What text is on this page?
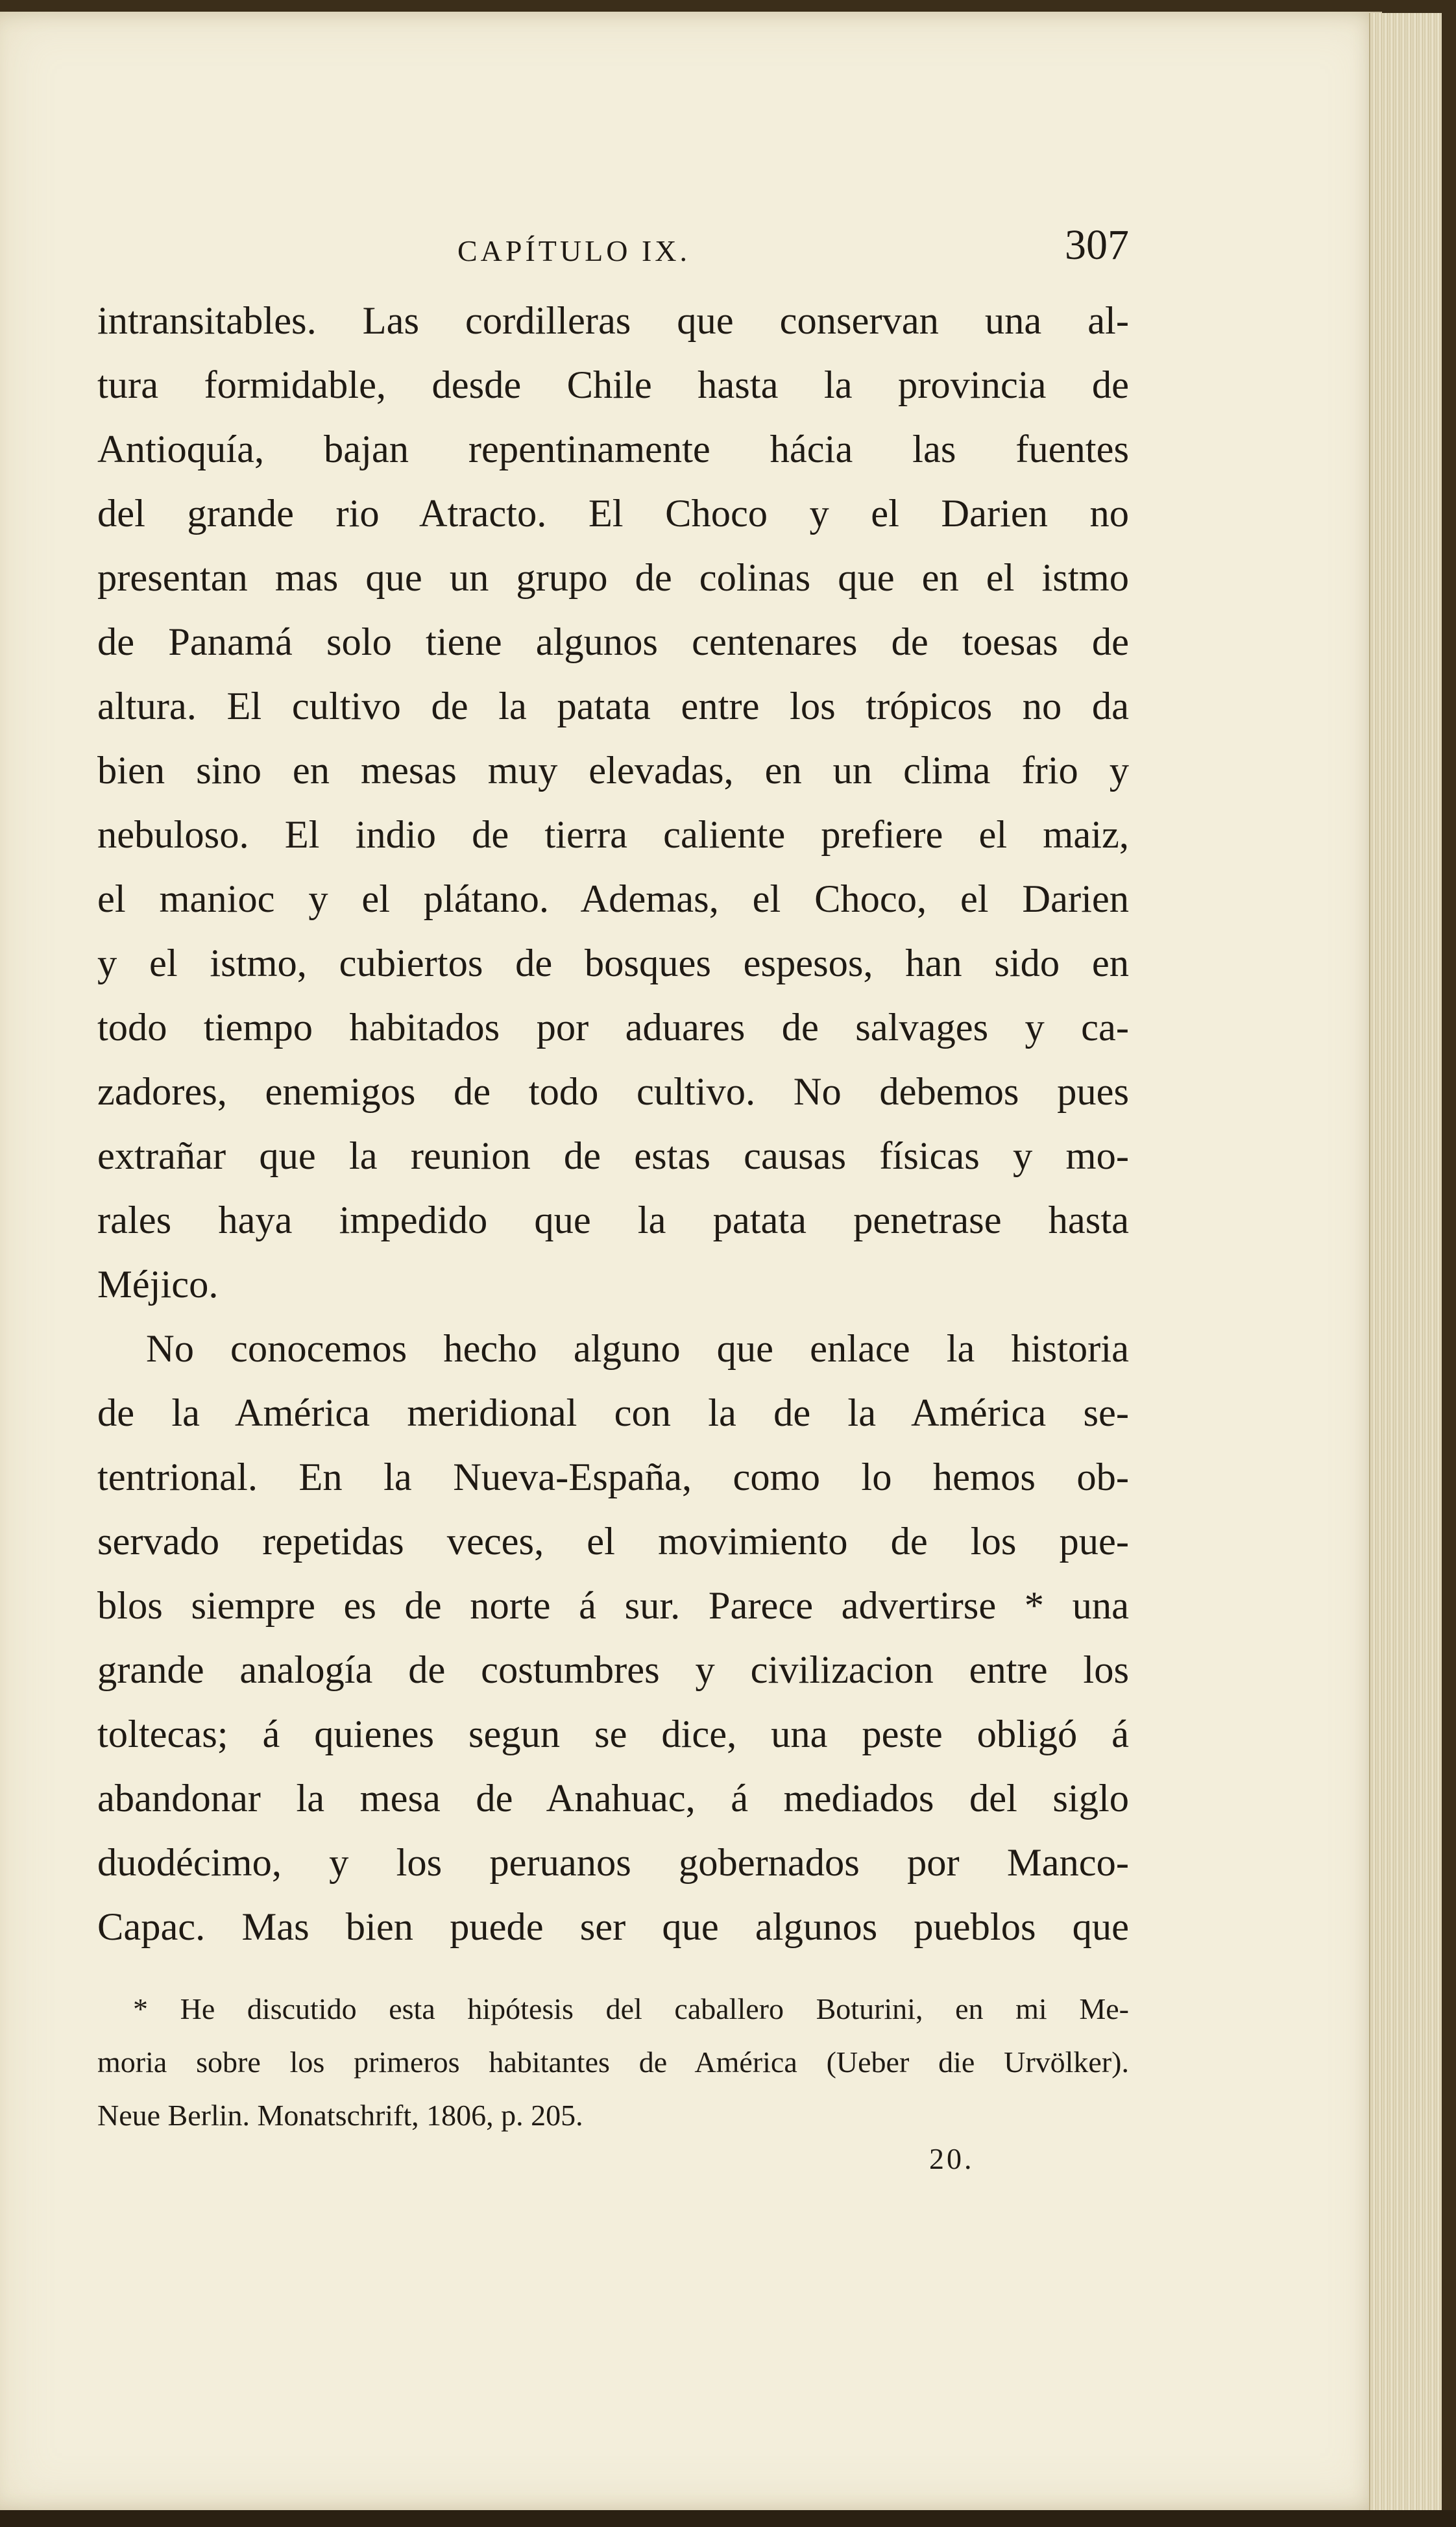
CAPÍTULO IX.	307
intransitables. Las cordilleras que conservan una al-
tura formidable, desde Chile hasta la provincia de
Antioquía, bajan repentinamente hácia las fuentes
del grande rio Atracto. El Choco y el Darien no
presentan mas que un grupo de colinas que en el istmo
de Panamá solo tiene algunos centenares de toesas de
altura. El cultivo de la patata entre los trópicos no da
bien sino en mesas muy elevadas, en un clima frio y
nebuloso. El indio de tierra caliente prefiere el maiz,
el manioc y el plátano. Ademas, el Choco, el Darien
y el istmo, cubiertos de bosques espesos, han sido en
todo tiempo habitados por aduares de salvages y ca-
zadores, enemigos de todo cultivo. No debemos pues
extrañar que la reunion de estas causas físicas y mo-
rales haya impedido que la patata penetrase hasta
Méjico.
No conocemos hecho alguno que enlace la historia
de la América meridional con la de la América se-
tentrional. En la Nueva-España, como lo hemos ob-
servado repetidas veces, el movimiento de los pue-
blos siempre es de norte á sur. Parece advertirse * una
grande analogía de costumbres y civilizacion entre los
toltecas; á quienes segun se dice, una peste obligó á
abandonar la mesa de Anahuac, á mediados del siglo
duodécimo, y los peruanos gobernados por Manco-
Capac. Mas bien puede ser que algunos pueblos que
* He discutido esta hipótesis del caballero Boturini, en mi Me-
moria sobre los primeros habitantes de América (Ueber die Urvölker).
Neue Berlin. Monatschrift, 1806, p. 205.
20.
